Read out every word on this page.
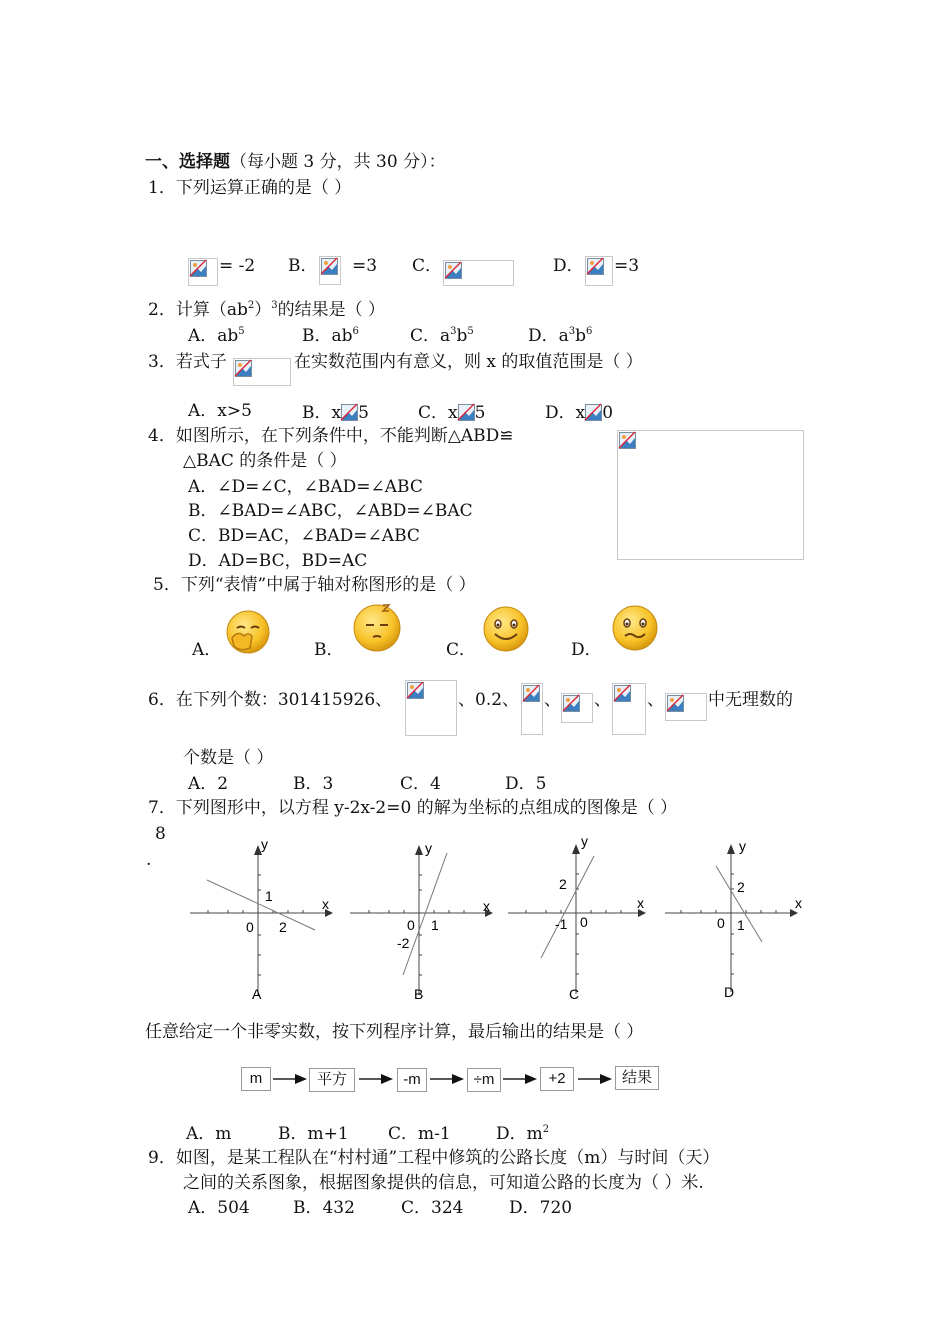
一、选择题（每小题 3 分，共 30 分）：
1．下列运算正确的是（ ）
= -2 B． =3 C．	D． =3
2．计算$(ab^2)^3$的结果是（ ）
A．$ab^5$	B．$ab^6$	C．$a^3b^5$	D．$a^3b^6$
3．若式子	在实数范围内有意义，则 x 的取值范围是（ ）
A．x>5	B．x 5	C．x 5	D．x 0
4．如图所示，在下列条件中，不能判断△ABD≌
△BAC 的条件是（ ）
A．∠D=∠C，∠BAD=∠ABC
B．∠BAD=∠ABC，∠ABD=∠BAC
C．BD=AC，∠BAD=∠ABC
D．AD=BC，BD=AC
5．下列“表情”中属于轴对称图形的是（ ）
A．	B．	C．	D．
6．在下列个数：301415926、	、0.2、 、 、 、	中无理数的
个数是（ ）
A．2	B．3	C．4	D．5
7．下列图形中，以方程 y-2x-2=0 的解为坐标的点组成的图像是（ ）
8
.
y
x
1
0 2
A
y
x
0 1
-2
B
y
x
2
-1 0
C
y
x
2
0 1
D
任意给定一个非零实数，按下列程序计算，最后输出的结果是（ ）
m	平方	-m	÷m	+2	结果
A．m	B．m+1 C．m-1	D．$m^2$
9．如图，是某工程队在“村村通”工程中修筑的公路长度（m）与时间（天）
之间的关系图象，根据图象提供的信息，可知道公路的长度为（ ）米.
A．504	B．432	C．324	D．720
